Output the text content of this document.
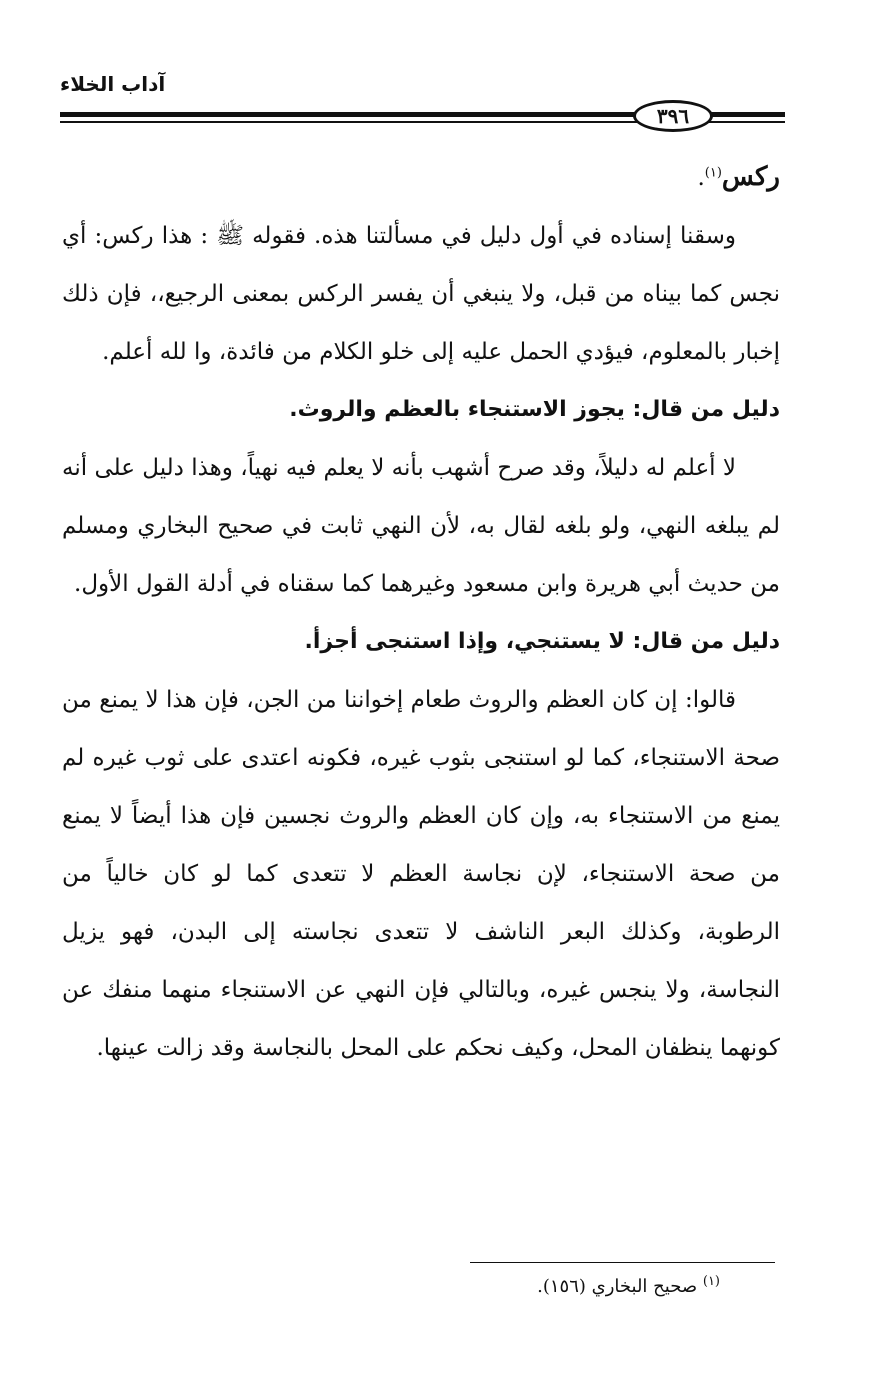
آداب الخلاء
٣٩٦

ركس$^{(١)}$.

وسقنا إسناده في أول دليل في مسألتنا هذه. فقوله ﷺ : هذا ركس: أي نجس كما بيناه من قبل، ولا ينبغي أن يفسر الركس بمعنى الرجيع،، فإن ذلك إخبار بالمعلوم، فيؤدي الحمل عليه إلى خلو الكلام من فائدة، وا لله أعلم.

دليل من قال: يجوز الاستنجاء بالعظم والروث.

لا أعلم له دليلاً، وقد صرح أشهب بأنه لا يعلم فيه نهياً، وهذا دليل على أنه لم يبلغه النهي، ولو بلغه لقال به، لأن النهي ثابت في صحيح البخاري ومسلم من حديث أبي هريرة وابن مسعود وغيرهما كما سقناه في أدلة القول الأول.

دليل من قال: لا يستنجي، وإذا استنجى أجزأ.

قالوا: إن كان العظم والروث طعام إخواننا من الجن، فإن هذا لا يمنع من صحة الاستنجاء، كما لو استنجى بثوب غيره، فكونه اعتدى على ثوب غيره لم يمنع من الاستنجاء به، وإن كان العظم والروث نجسين فإن هذا أيضاً لا يمنع من صحة الاستنجاء، لإن نجاسة العظم لا تتعدى كما لو كان خالياً من الرطوبة، وكذلك البعر الناشف لا تتعدى نجاسته إلى البدن، فهو يزيل النجاسة، ولا ينجس غيره، وبالتالي فإن النهي عن الاستنجاء منهما منفك عن كونهما ينظفان المحل، وكيف نحكم على المحل بالنجاسة وقد زالت عينها.

$^{(١)}$ صحيح البخاري (١٥٦).
